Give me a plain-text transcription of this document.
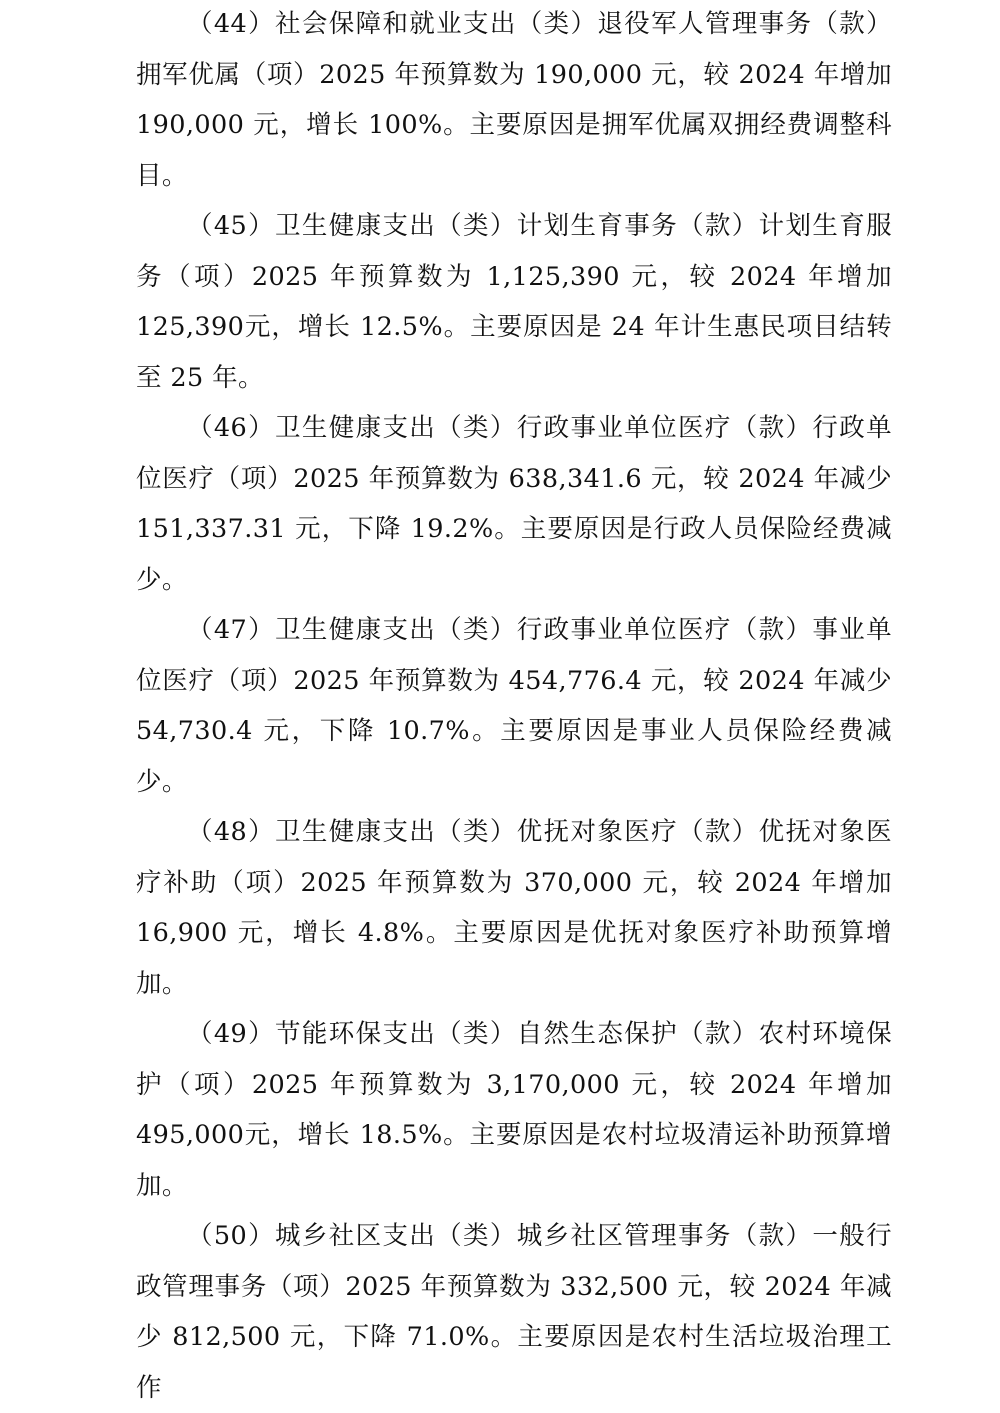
（44）社会保障和就业支出（类）退役军人管理事务（款）拥军优属（项）2025 年预算数为 190,000 元，较 2024 年增加190,000 元，增长 100%。主要原因是拥军优属双拥经费调整科目。

（45）卫生健康支出（类）计划生育事务（款）计划生育服务（项）2025 年预算数为 1,125,390 元，较 2024 年增加 125,390元，增长 12.5%。主要原因是 24 年计生惠民项目结转至 25 年。

（46）卫生健康支出（类）行政事业单位医疗（款）行政单位医疗（项）2025 年预算数为 638,341.6 元，较 2024 年减少151,337.31 元，下降 19.2%。主要原因是行政人员保险经费减少。

（47）卫生健康支出（类）行政事业单位医疗（款）事业单位医疗（项）2025 年预算数为 454,776.4 元，较 2024 年减少54,730.4 元，下降 10.7%。主要原因是事业人员保险经费减少。

（48）卫生健康支出（类）优抚对象医疗（款）优抚对象医疗补助（项）2025 年预算数为 370,000 元，较 2024 年增加16,900 元，增长 4.8%。主要原因是优抚对象医疗补助预算增加。

（49）节能环保支出（类）自然生态保护（款）农村环境保护（项）2025 年预算数为 3,170,000 元，较 2024 年增加 495,000元，增长 18.5%。主要原因是农村垃圾清运补助预算增加。

（50）城乡社区支出（类）城乡社区管理事务（款）一般行政管理事务（项）2025 年预算数为 332,500 元，较 2024 年减少 812,500 元，下降 71.0%。主要原因是农村生活垃圾治理工作
